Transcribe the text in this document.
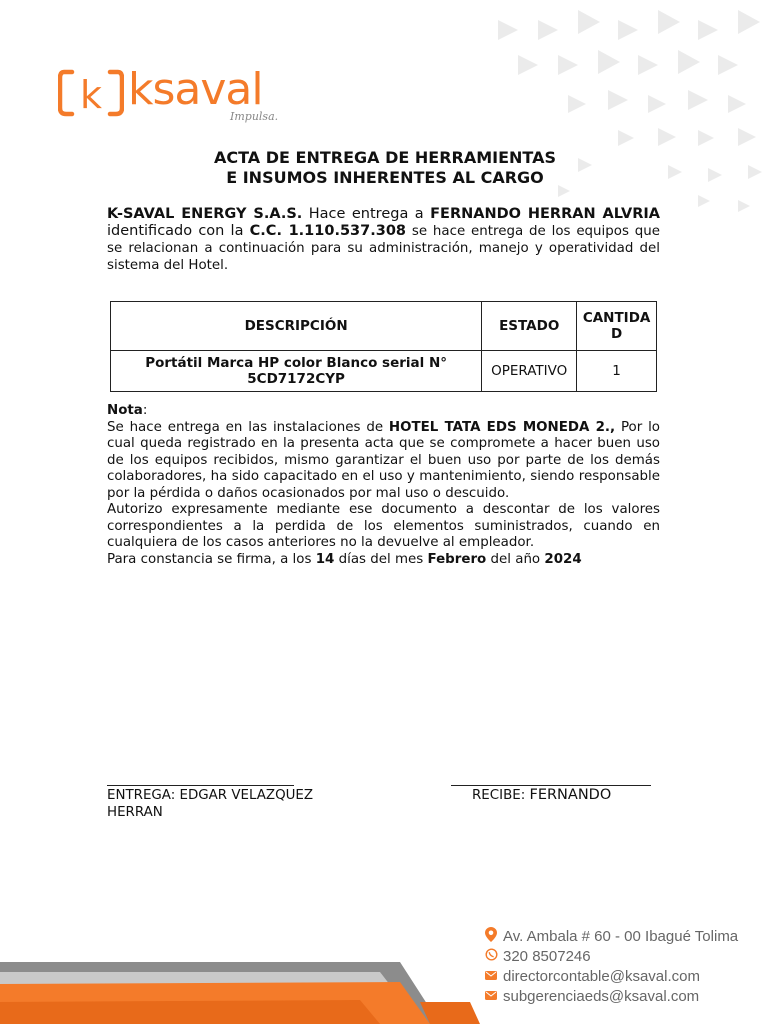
k ksaval
Impulsa.
ACTA DE ENTREGA DE HERRAMIENTAS
E INSUMOS INHERENTES AL CARGO
K-SAVAL ENERGY S.A.S. Hace entrega a FERNANDO HERRAN ALVRIA identificado con la C.C. 1.110.537.308 se hace entrega de los equipos que se relacionan a continuación para su administración, manejo y operatividad del sistema del Hotel.
DESCRIPCIÓN	ESTADO	CANTIDAD
Portátil Marca HP color Blanco serial N° 5CD7172CYP	OPERATIVO	1

Nota:

Se hace entrega en las instalaciones de HOTEL TATA EDS MONEDA 2., Por lo cual queda registrado en la presenta acta que se compromete a hacer buen uso de los equipos recibidos, mismo garantizar el buen uso por parte de los demás colaboradores, ha sido capacitado en el uso y mantenimiento, siendo responsable por la pérdida o daños ocasionados por mal uso o descuido.

Autorizo expresamente mediante ese documento a descontar de los valores correspondientes a la perdida de los elementos suministrados, cuando en cualquiera de los casos anteriores no la devuelve al empleador.

Para constancia se firma, a los 14 días del mes Febrero del año 2024

ENTREGA: EDGAR VELAZQUEZ HERRAN
RECIBE: FERNANDO
Av. Ambala # 60 - 00 Ibagué Tolima
320 8507246
directorcontable@ksaval.com
subgerenciaeds@ksaval.com
